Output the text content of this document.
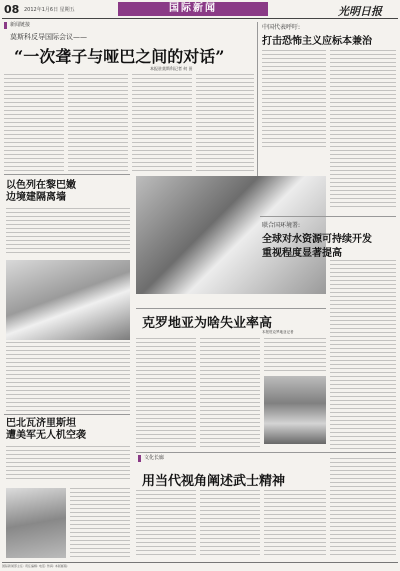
08 2012年1月6日 星期五	国际新闻	光明日报
新闻链接
莫斯科反导国际会议——
“一次聋子与哑巴之间的对话”
本报驻莫斯科记者 何 田
中国代表呼吁:
打击恐怖主义应标本兼治
以色列在黎巴嫩
边境建隔离墙
克罗地亚为啥失业率高
本报驻克罗地亚记者
联合国环境署:
全球对水资源可持续开发
重视程度显著提高
巴北瓦济里斯坦
遭美军无人机空袭
文化长廊
用当代视角阐述武士精神
国际新闻部主任: 责任编辑: 电话: 传真: 本版邮箱:
